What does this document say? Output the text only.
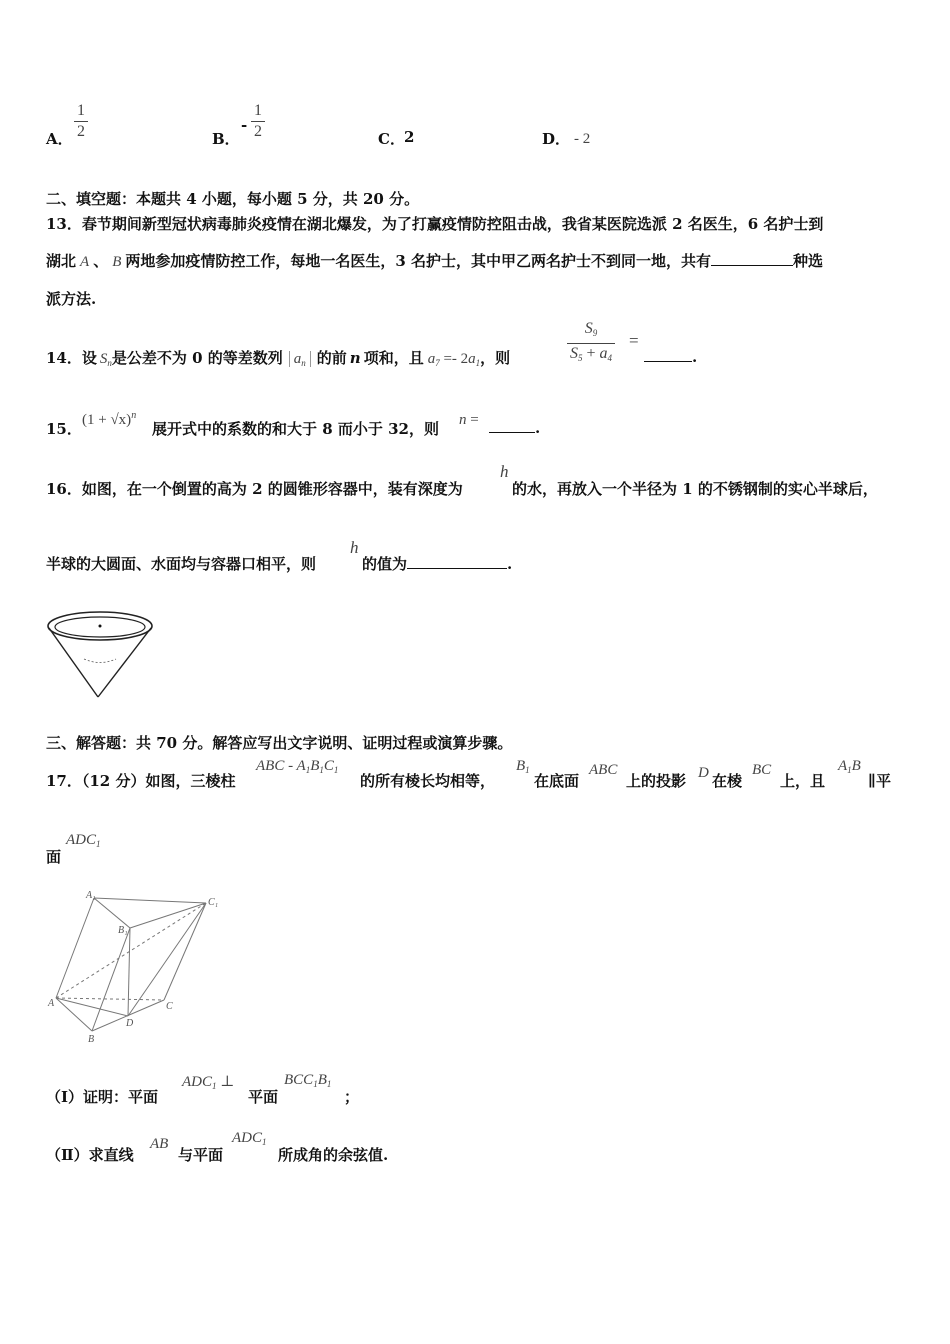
A． $\frac{1}{2}$	B．
- $\frac{1}{2}$	C． 2	D． - 2
二、填空题：本题共 4 小题，每小题 5 分，共 20 分。
13．春节期间新型冠状病毒肺炎疫情在湖北爆发，为了打赢疫情防控阻击战，我省某医院选派 2 名医生，6 名护士到
湖北 A 、 B 两地参加疫情防控工作，每地一名医生，3 名护士，其中甲乙两名护士不到同一地，共有	种选
派方法.
14．设 $S_n$是公差不为 0 的等差数列 $a_n$ 的前 n 项和，且 $a_7 =- 2a_1$，则	$\frac{S_9}{S_5 + a_4}$ =
.
15． $(1 + √x)^n$
展开式中的系数的和大于 8 而小于 32，则 n =	.
16．如图，在一个倒置的高为 2 的圆锥形容器中，装有深度为
h
的水，再放入一个半径为 1 的不锈钢制的实心半球后，
半球的大圆面、水面均与容器口相平，则
h
的值为	.
三、解答题：共 70 分。解答应写出文字说明、证明过程或演算步骤。
17．（12 分）如图，三棱柱
ABC - $A_1B_1C_1$
的所有棱长均相等，
$B_1$
在底面
ABC
上的投影 D 在棱
BC
上，且
$A_1B$
∥平
面
$ADC_1$
A₁
C₁
B₁
A	C
D
B
（Ⅰ）证明：平面
$ADC_1$ ⊥
平面
$BCC_1B_1$
；
（Ⅱ）求直线
AB
与平面
$ADC_1$
所成角的余弦值.
